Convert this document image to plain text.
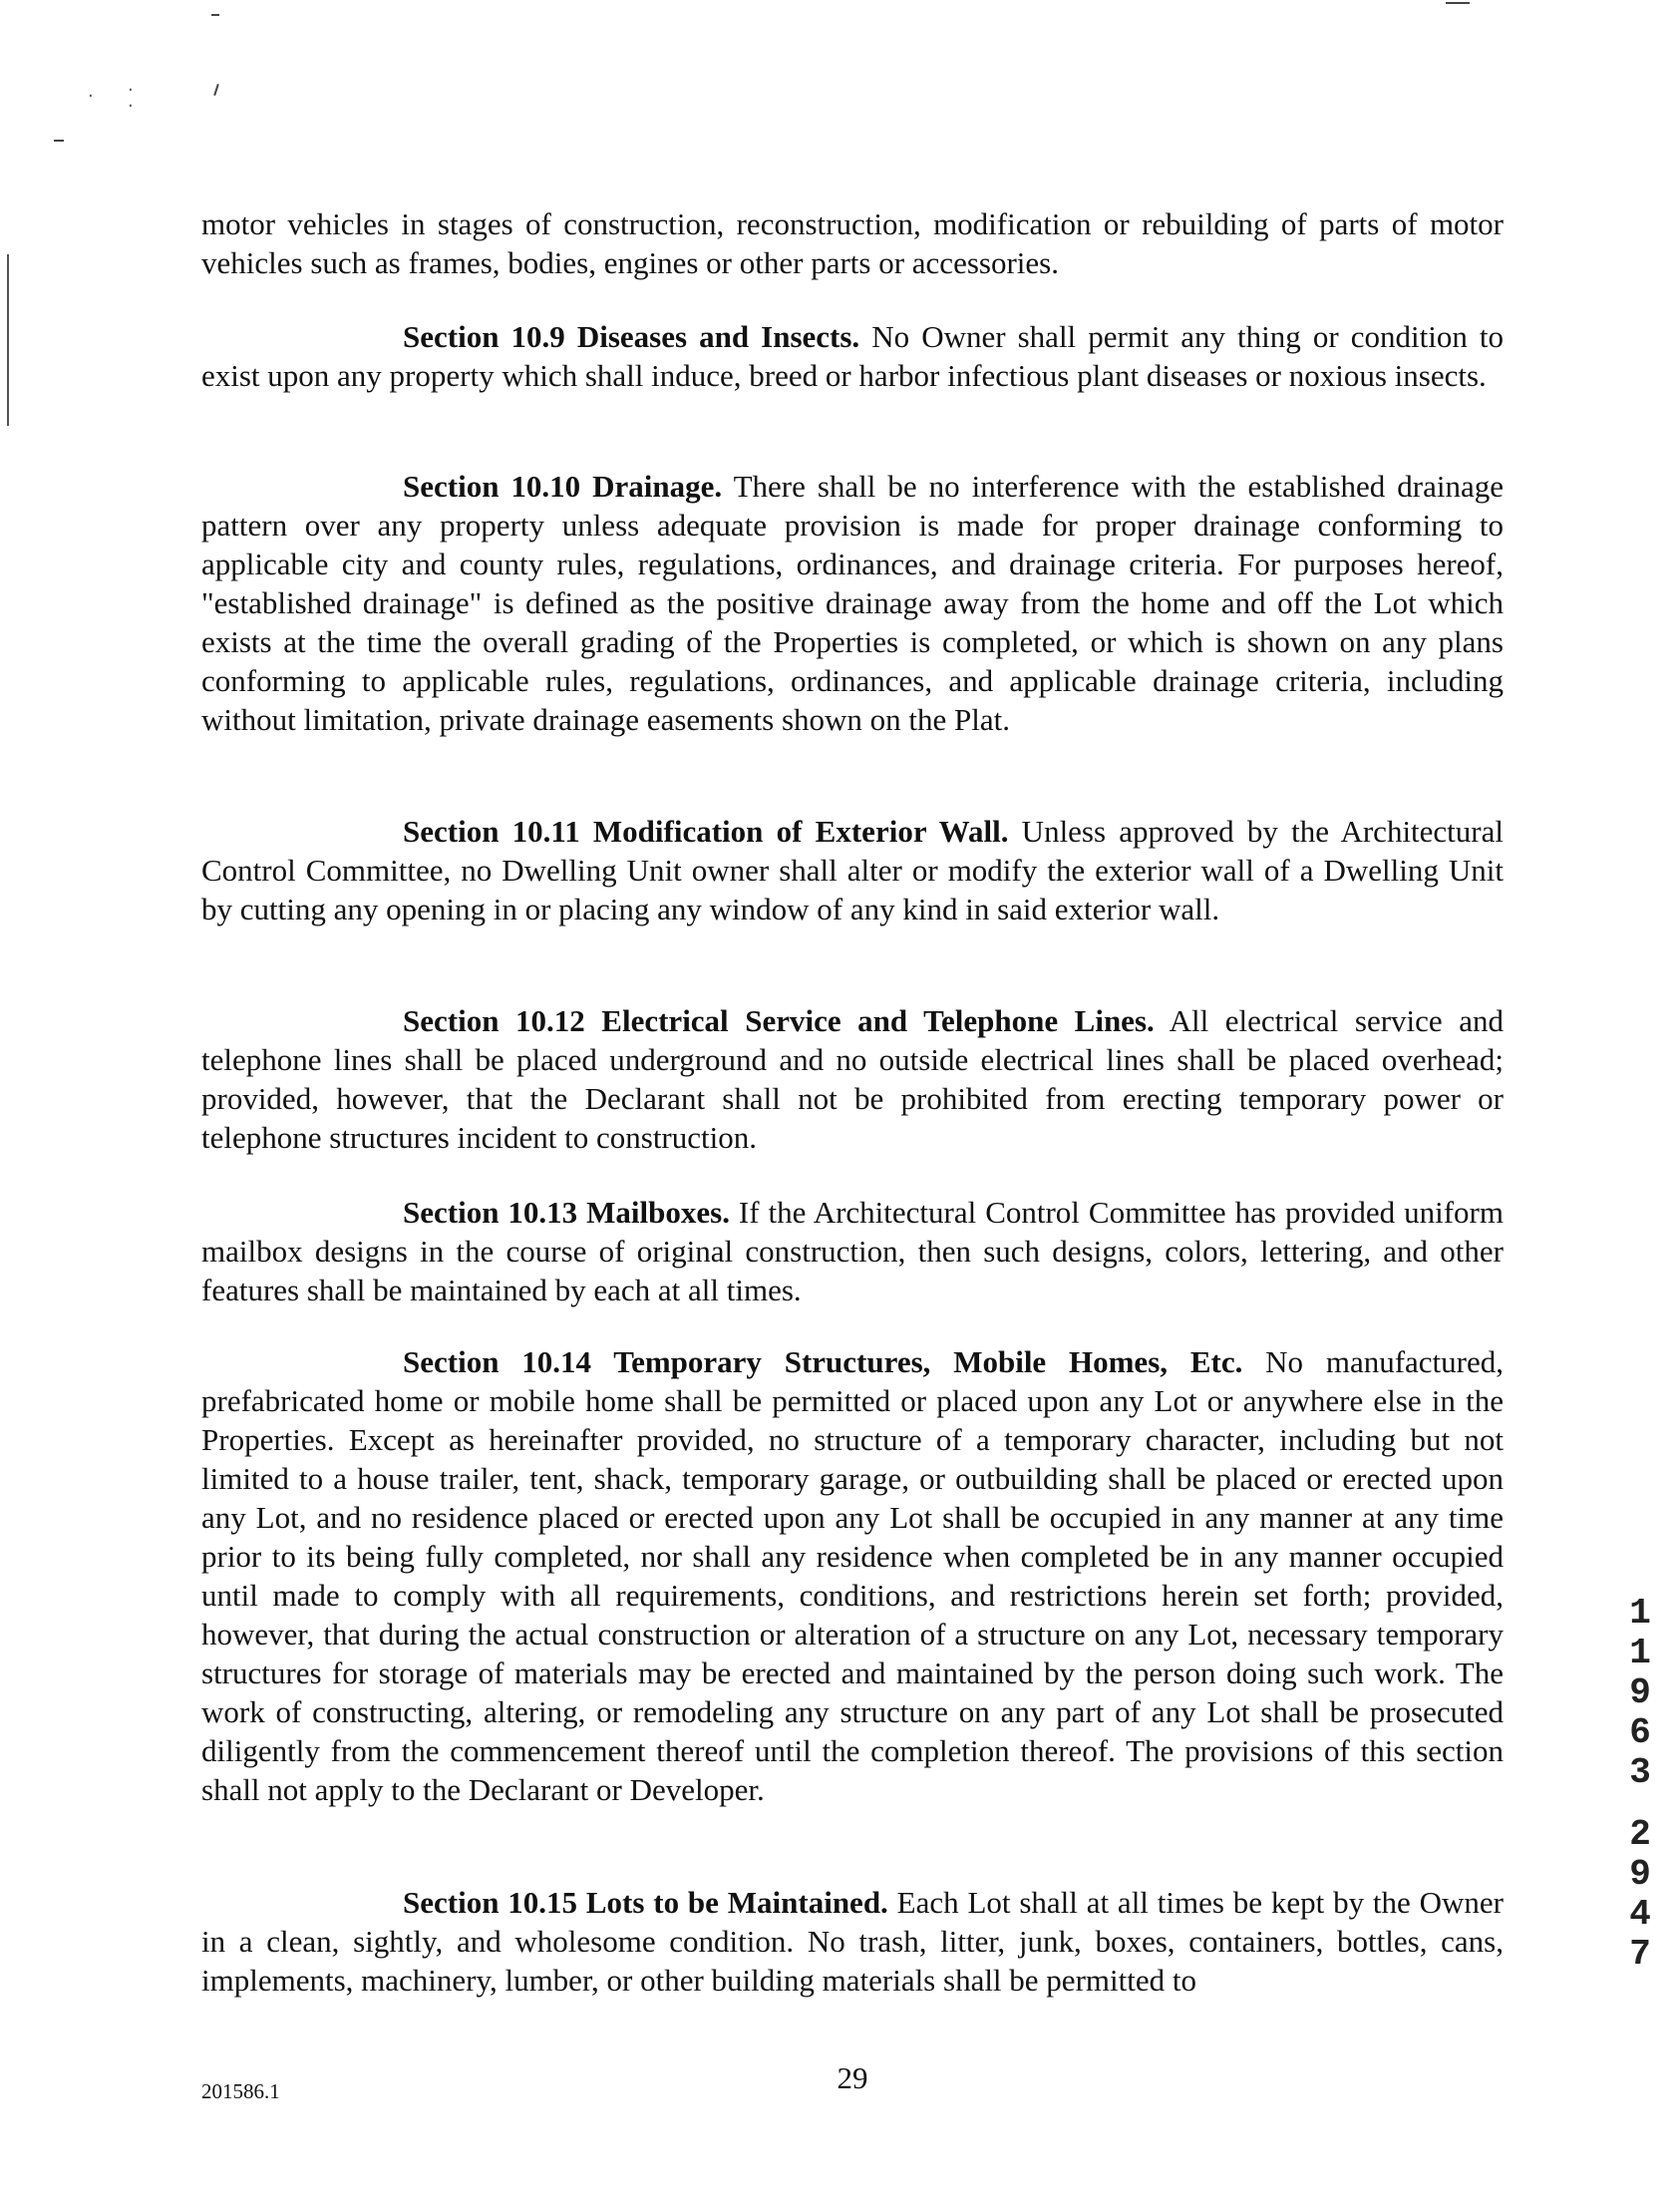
⋅ ⋅
⋅

motor vehicles in stages of construction, reconstruction, modification or rebuilding of parts of motor vehicles such as frames, bodies, engines or other parts or accessories.

Section 10.9 Diseases and Insects. No Owner shall permit any thing or condition to exist upon any property which shall induce, breed or harbor infectious plant diseases or noxious insects.

Section 10.10 Drainage. There shall be no interference with the established drainage pattern over any property unless adequate provision is made for proper drainage conforming to applicable city and county rules, regulations, ordinances, and drainage criteria. For purposes hereof, "established drainage" is defined as the positive drainage away from the home and off the Lot which exists at the time the overall grading of the Properties is completed, or which is shown on any plans conforming to applicable rules, regulations, ordinances, and applicable drainage criteria, including without limitation, private drainage easements shown on the Plat.

Section 10.11 Modification of Exterior Wall. Unless approved by the Architectural Control Committee, no Dwelling Unit owner shall alter or modify the exterior wall of a Dwelling Unit by cutting any opening in or placing any window of any kind in said exterior wall.

Section 10.12 Electrical Service and Telephone Lines. All electrical service and telephone lines shall be placed underground and no outside electrical lines shall be placed overhead; provided, however, that the Declarant shall not be prohibited from erecting temporary power or telephone structures incident to construction.

Section 10.13 Mailboxes. If the Architectural Control Committee has provided uniform mailbox designs in the course of original construction, then such designs, colors, lettering, and other features shall be maintained by each at all times.

Section 10.14 Temporary Structures, Mobile Homes, Etc. No manufactured, prefabricated home or mobile home shall be permitted or placed upon any Lot or anywhere else in the Properties. Except as hereinafter provided, no structure of a temporary character, including but not limited to a house trailer, tent, shack, temporary garage, or outbuilding shall be placed or erected upon any Lot, and no residence placed or erected upon any Lot shall be occupied in any manner at any time prior to its being fully completed, nor shall any residence when completed be in any manner occupied until made to comply with all requirements, conditions, and restrictions herein set forth; provided, however, that during the actual construction or alteration of a structure on any Lot, necessary temporary structures for storage of materials may be erected and maintained by the person doing such work. The work of constructing, altering, or remodeling any structure on any part of any Lot shall be prosecuted diligently from the commencement thereof until the completion thereof. The provisions of this section shall not apply to the Declarant or Developer.

Section 10.15 Lots to be Maintained. Each Lot shall at all times be kept by the Owner in a clean, sightly, and wholesome condition. No trash, litter, junk, boxes, containers, bottles, cans, implements, machinery, lumber, or other building materials shall be permitted to

1
1
9
6
3
2
9
4
7
201586.1	29
